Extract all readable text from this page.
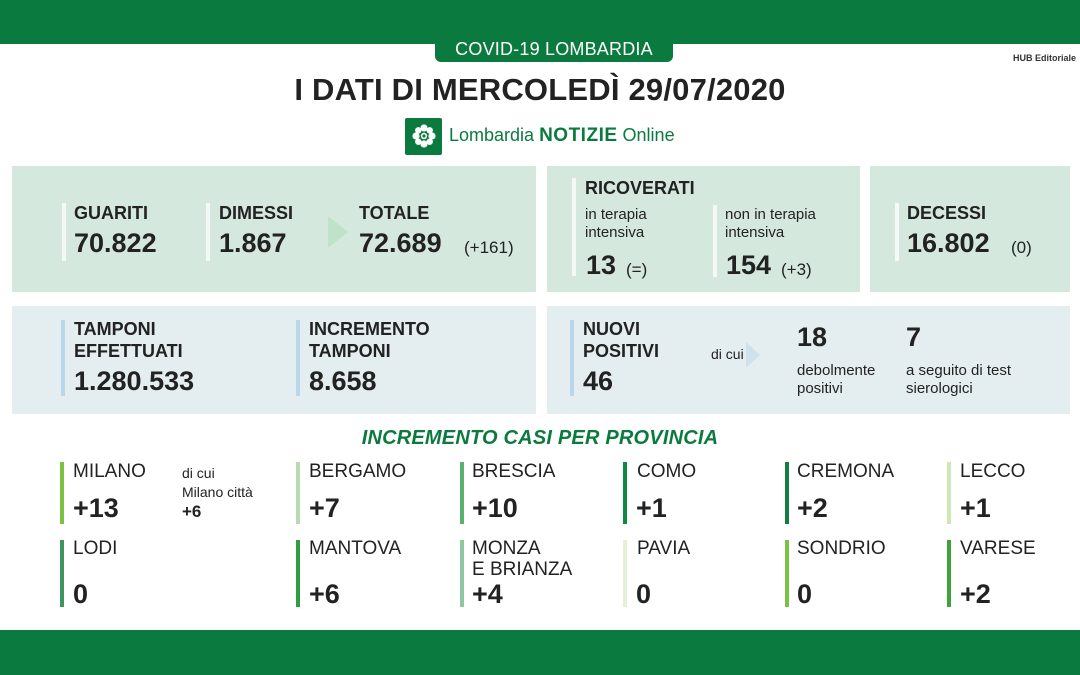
COVID-19 LOMBARDIA	HUB Editoriale
I DATI DI MERCOLEDÌ 29/07/2020
Lombardia NOTIZIE Online
GUARITI
70.822
DIMESSI
1.867
TOTALE
72.689 (+161)
RICOVERATI
in terapia
intensiva
13 (=)
non in terapia
intensiva
154 (+3)
DECESSI
16.802 (0)
TAMPONI
EFFETTUATI
1.280.533
INCREMENTO
TAMPONI
8.658
NUOVI
POSITIVI
46
di cui
18
debolmente
positivi
7
a seguito di test
sierologici
INCREMENTO CASI PER PROVINCIA
MILANO
+13
di cui
Milano città
+6
BERGAMO
+7
BRESCIA
+10
COMO
+1
CREMONA
+2
LECCO
+1
LODI
0
MANTOVA
+6
MONZA
E BRIANZA
+4
PAVIA
0
SONDRIO
0
VARESE
+2
